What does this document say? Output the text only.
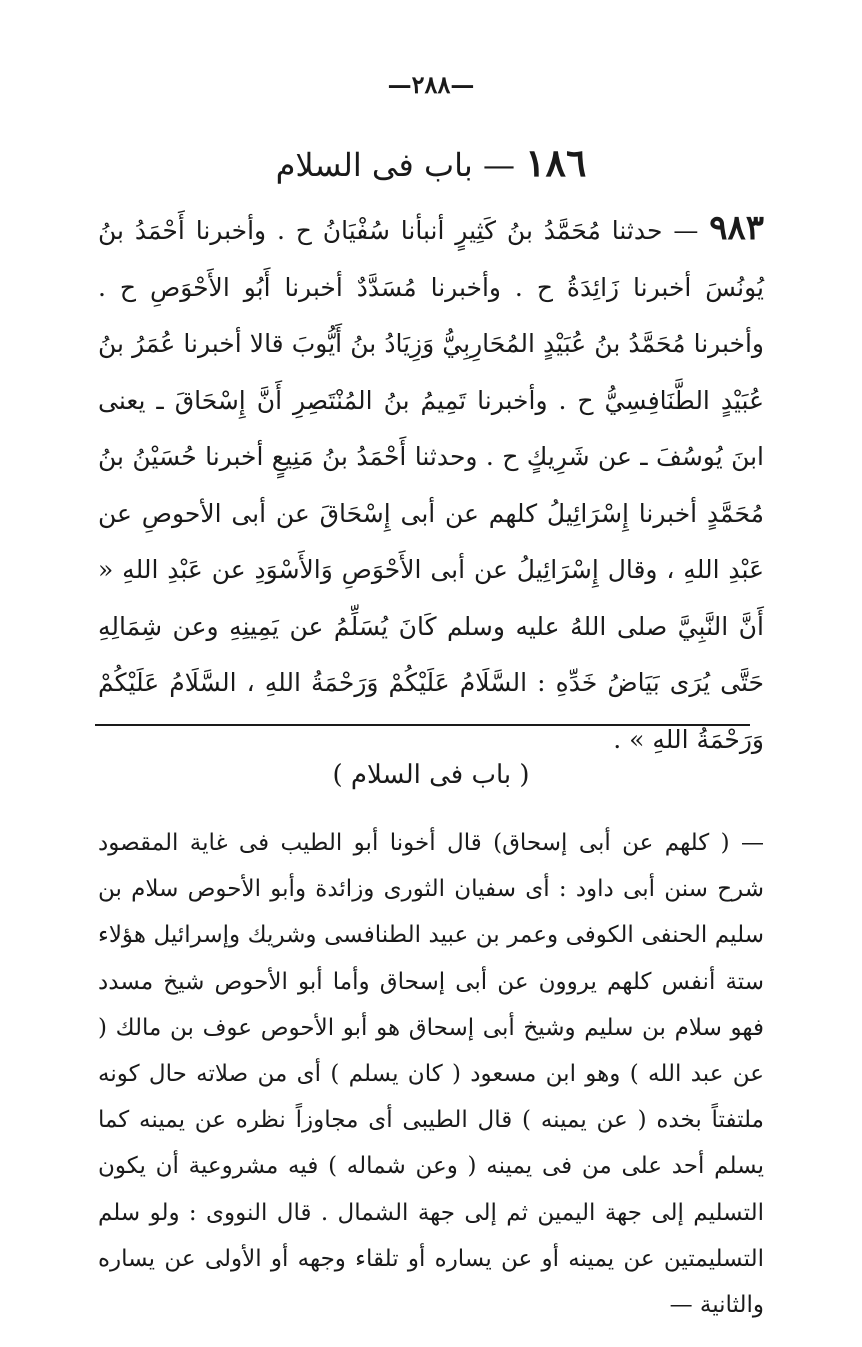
—٢٨٨—
١٨٦ — باب فى السلام
٩٨٣ — حدثنا مُحَمَّدُ بنُ كَثِيرٍ أنبأنا سُفْيَانُ ح . وأخبرنا أَحْمَدُ بنُ يُونُسَ أخبرنا زَائِدَةُ ح . وأخبرنا مُسَدَّدٌ أخبرنا أَبُو الأَحْوَصِ ح . وأخبرنا مُحَمَّدُ بنُ عُبَيْدٍ المُحَارِبِيُّ وَزِيَادُ بنُ أَيُّوبَ قالا أخبرنا عُمَرُ بنُ عُبَيْدٍ الطَّنَافِسِيُّ ح . وأخبرنا تَمِيمُ بنُ المُنْتَصِرِ أَنَّ إِسْحَاقَ ـ يعنى ابنَ يُوسُفَ ـ عن شَرِيكٍ ح . وحدثنا أَحْمَدُ بنُ مَنِيعٍ أخبرنا حُسَيْنُ بنُ مُحَمَّدٍ أخبرنا إِسْرَائِيلُ كلهم عن أبى إِسْحَاقَ عن أبى الأحوصِ عن عَبْدِ اللهِ ، وقال إِسْرَائِيلُ عن أبى الأَحْوَصِ وَالأَسْوَدِ عن عَبْدِ اللهِ « أَنَّ النَّبِيَّ صلى اللهُ عليه وسلم كَانَ يُسَلِّمُ عن يَمِينِهِ وعن شِمَالِهِ حَتَّى يُرَى بَيَاضُ خَدِّهِ : السَّلَامُ عَلَيْكُمْ وَرَحْمَةُ اللهِ ، السَّلَامُ عَلَيْكُمْ وَرَحْمَةُ اللهِ » .
( باب فى السلام )
— ( كلهم عن أبى إسحاق) قال أخونا أبو الطيب فى غاية المقصود شرح سنن أبى داود : أى سفيان الثورى وزائدة وأبو الأحوص سلام بن سليم الحنفى الكوفى وعمر بن عبيد الطنافسى وشريك وإسرائيل هؤلاء ستة أنفس كلهم يروون عن أبى إسحاق وأما أبو الأحوص شيخ مسدد فهو سلام بن سليم وشيخ أبى إسحاق هو أبو الأحوص عوف بن مالك ( عن عبد الله ) وهو ابن مسعود ( كان يسلم ) أى من صلاته حال كونه ملتفتاً بخده ( عن يمينه ) قال الطيبى أى مجاوزاً نظره عن يمينه كما يسلم أحد على من فى يمينه ( وعن شماله ) فيه مشروعية أن يكون التسليم إلى جهة اليمين ثم إلى جهة الشمال . قال النووى : ولو سلم التسليمتين عن يمينه أو عن يساره أو تلقاء وجهه أو الأولى عن يساره والثانية —
